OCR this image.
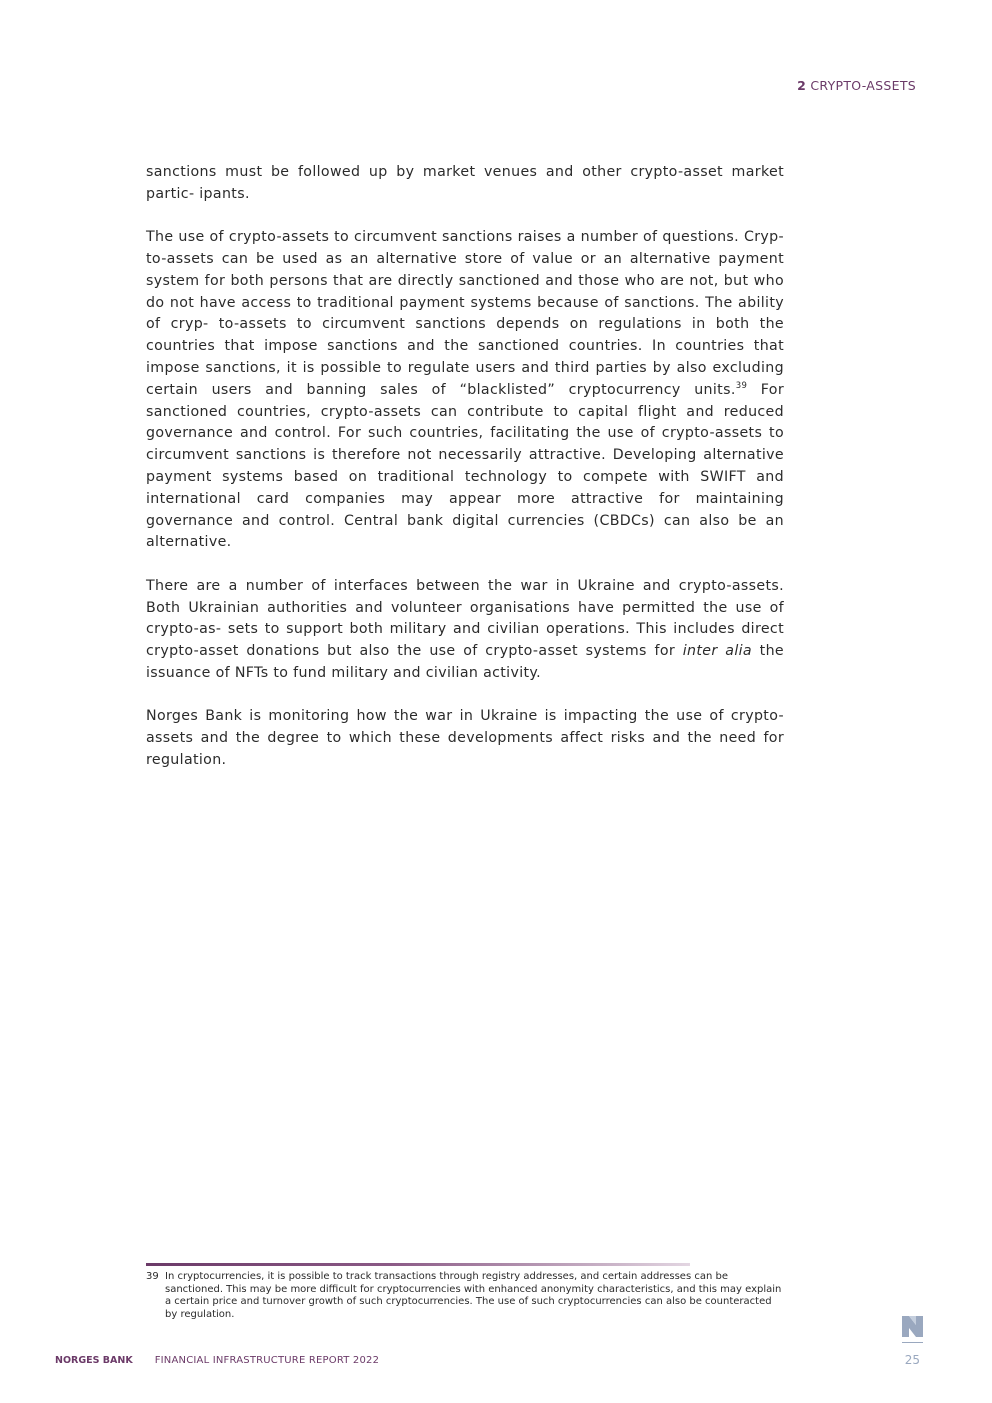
2 CRYPTO-ASSETS

sanctions must be followed up by market venues and other crypto-asset market partic- ipants.

The use of crypto-assets to circumvent sanctions raises a number of questions. Cryp- to-assets can be used as an alternative store of value or an alternative payment system for both persons that are directly sanctioned and those who are not, but who do not have access to traditional payment systems because of sanctions. The ability of cryp- to-assets to circumvent sanctions depends on regulations in both the countries that impose sanctions and the sanctioned countries. In countries that impose sanctions, it is possible to regulate users and third parties by also excluding certain users and banning sales of “blacklisted” cryptocurrency units.$^{39}$ For sanctioned countries, crypto-assets can contribute to capital flight and reduced governance and control. For such countries, facilitating the use of crypto-assets to circumvent sanctions is therefore not necessarily attractive. Developing alternative payment systems based on traditional technology to compete with SWIFT and international card companies may appear more attractive for maintaining governance and control. Central bank digital currencies (CBDCs) can also be an alternative.

There are a number of interfaces between the war in Ukraine and crypto-assets. Both Ukrainian authorities and volunteer organisations have permitted the use of crypto-as- sets to support both military and civilian operations. This includes direct crypto-asset donations but also the use of crypto-asset systems for inter alia the issuance of NFTs to fund military and civilian activity.

Norges Bank is monitoring how the war in Ukraine is impacting the use of crypto-assets and the degree to which these developments affect risks and the need for regulation.

39 In cryptocurrencies, it is possible to track transactions through registry addresses, and certain addresses can be sanctioned. This may be more difficult for cryptocurrencies with enhanced anonymity characteristics, and this may explain a certain price and turnover growth of such cryptocurrencies. The use of such cryptocurrencies can also be counteracted by regulation.
NORGES BANK FINANCIAL INFRASTRUCTURE REPORT 2022	25
